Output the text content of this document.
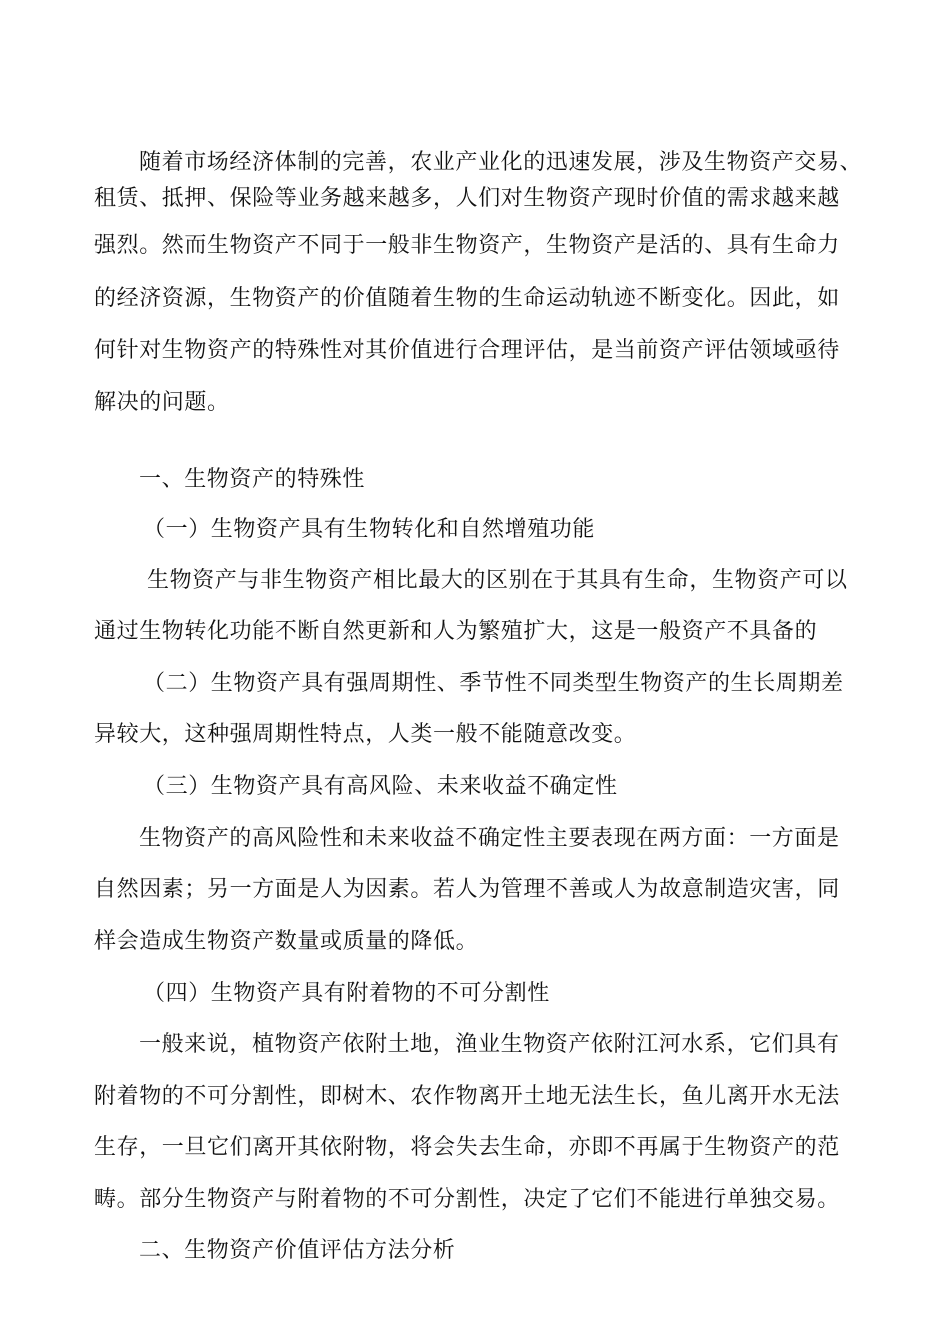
随着市场经济体制的完善，农业产业化的迅速发展，涉及生物资产交易、
租赁、抵押、保险等业务越来越多，人们对生物资产现时价值的需求越来越
强烈。然而生物资产不同于一般非生物资产，生物资产是活的、具有生命力
的经济资源，生物资产的价值随着生物的生命运动轨迹不断变化。因此，如
何针对生物资产的特殊性对其价值进行合理评估，是当前资产评估领域亟待
解决的问题。
一、生物资产的特殊性
（一）生物资产具有生物转化和自然增殖功能
生物资产与非生物资产相比最大的区别在于其具有生命，生物资产可以
通过生物转化功能不断自然更新和人为繁殖扩大，这是一般资产不具备的
（二）生物资产具有强周期性、季节性不同类型生物资产的生长周期差
异较大，这种强周期性特点，人类一般不能随意改变。
（三）生物资产具有高风险、未来收益不确定性
生物资产的高风险性和未来收益不确定性主要表现在两方面：一方面是
自然因素；另一方面是人为因素。若人为管理不善或人为故意制造灾害，同
样会造成生物资产数量或质量的降低。
（四）生物资产具有附着物的不可分割性
一般来说，植物资产依附土地，渔业生物资产依附江河水系，它们具有
附着物的不可分割性，即树木、农作物离开土地无法生长，鱼儿离开水无法
生存，一旦它们离开其依附物，将会失去生命，亦即不再属于生物资产的范
畴。部分生物资产与附着物的不可分割性，决定了它们不能进行单独交易。
二、生物资产价值评估方法分析
